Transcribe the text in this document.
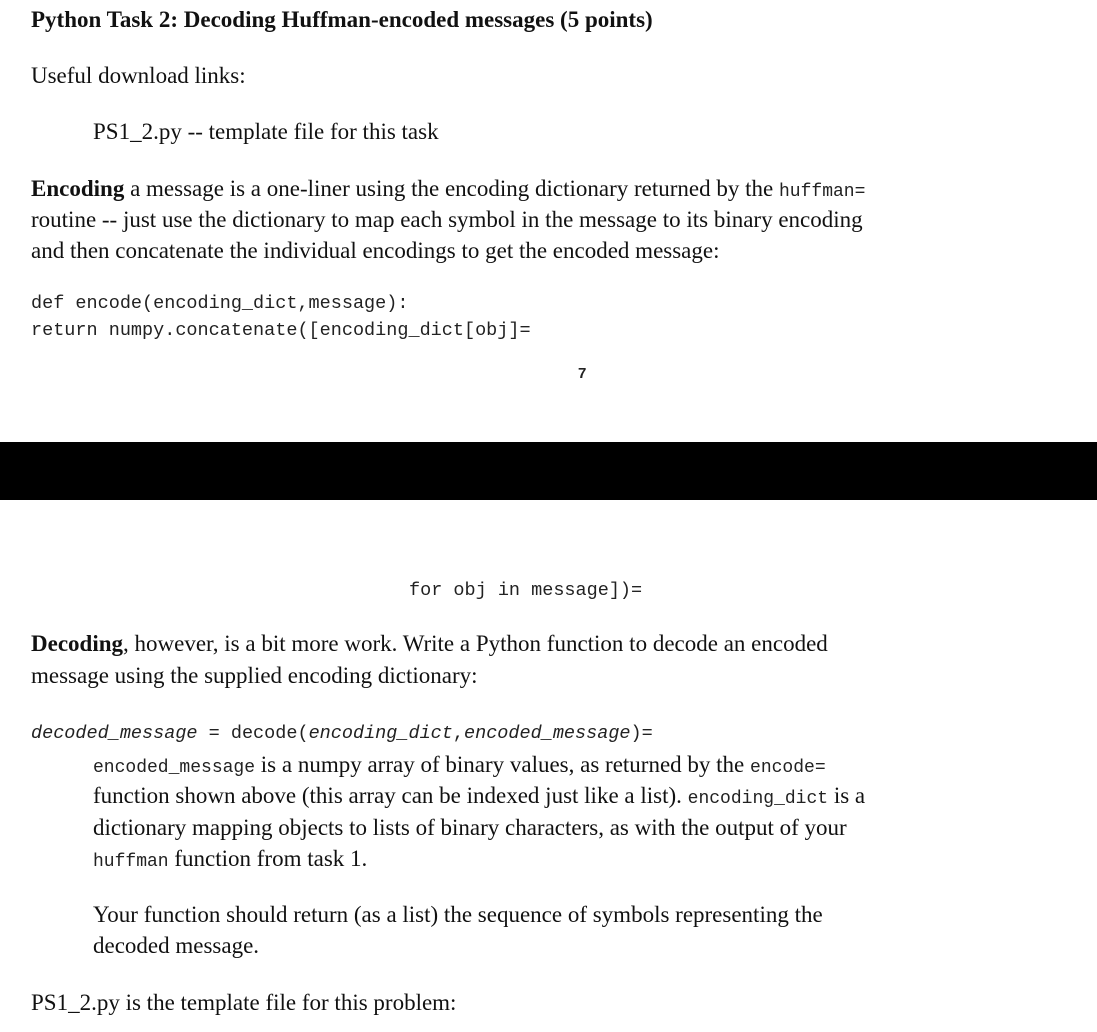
Python Task 2: Decoding Huffman-encoded messages (5 points)
Useful download links:
PS1_2.py -- template file for this task
Encoding a message is a one-liner using the encoding dictionary returned by the huffman=
routine -- just use the dictionary to map each symbol in the message to its binary encoding
and then concatenate the individual encodings to get the encoded message:
def encode(encoding_dict,message):
return numpy.concatenate([encoding_dict[obj]=
7
for obj in message])=
Decoding, however, is a bit more work. Write a Python function to decode an encoded
message using the supplied encoding dictionary:
decoded_message = decode(encoding_dict,encoded_message)=
encoded_message is a numpy array of binary values, as returned by the encode=
function shown above (this array can be indexed just like a list). encoding_dict is a
dictionary mapping objects to lists of binary characters, as with the output of your
huffman function from task 1.
Your function should return (as a list) the sequence of symbols representing the
decoded message.
PS1_2.py is the template file for this problem:
